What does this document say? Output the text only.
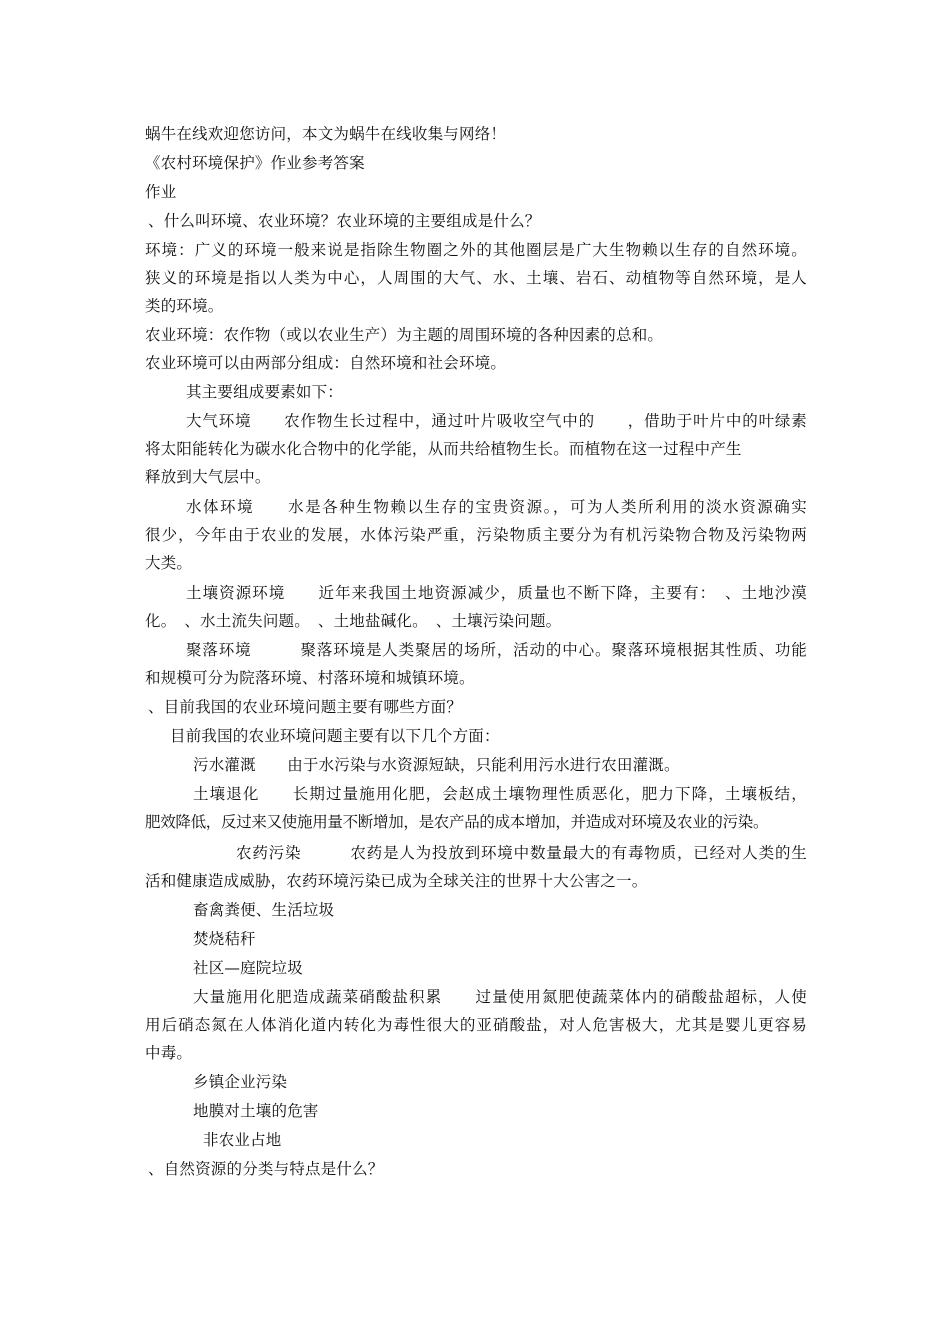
蜗牛在线欢迎您访问，本文为蜗牛在线收集与网络！
《农村环境保护》作业参考答案
作业
、什么叫环境、农业环境？农业环境的主要组成是什么？
环境：广义的环境一般来说是指除生物圈之外的其他圈层是广大生物赖以生存的自然环境。
狭义的环境是指以人类为中心，人周围的大气、水、土壤、岩石、动植物等自然环境，是人
类的环境。
农业环境：农作物（或以农业生产）为主题的周围环境的各种因素的总和。
农业环境可以由两部分组成：自然环境和社会环境。
其主要组成要素如下：
大气环境　　农作物生长过程中，通过叶片吸收空气中的　　，借助于叶片中的叶绿素
将太阳能转化为碳水化合物中的化学能，从而共给植物生长。而植物在这一过程中产生
释放到大气层中。
水体环境　　水是各种生物赖以生存的宝贵资源。，可为人类所利用的淡水资源确实
很少，今年由于农业的发展，水体污染严重，污染物质主要分为有机污染物合物及污染物两
大类。
土壤资源环境　　近年来我国土地资源减少，质量也不断下降，主要有：　、土地沙漠
化。　、水土流失问题。　、土地盐碱化。　、土壤污染问题。
聚落环境　　　聚落环境是人类聚居的场所，活动的中心。聚落环境根据其性质、功能
和规模可分为院落环境、村落环境和城镇环境。
、目前我国的农业环境问题主要有哪些方面？
目前我国的农业环境问题主要有以下几个方面：
污水灌溉　　由于水污染与水资源短缺，只能利用污水进行农田灌溉。
土壤退化　　长期过量施用化肥，会赵成土壤物理性质恶化，肥力下降，土壤板结，
肥效降低，反过来又使施用量不断增加，是农产品的成本增加，并造成对环境及农业的污染。
农药污染　　　农药是人为投放到环境中数量最大的有毒物质，已经对人类的生
活和健康造成威胁，农药环境污染已成为全球关注的世界十大公害之一。
畜禽粪便、生活垃圾
焚烧秸秆
社区—庭院垃圾
大量施用化肥造成蔬菜硝酸盐积累　　过量使用氮肥使蔬菜体内的硝酸盐超标，人使
用后硝态氮在人体消化道内转化为毒性很大的亚硝酸盐，对人危害极大，尤其是婴儿更容易
中毒。
乡镇企业污染
地膜对土壤的危害
非农业占地
、自然资源的分类与特点是什么？
